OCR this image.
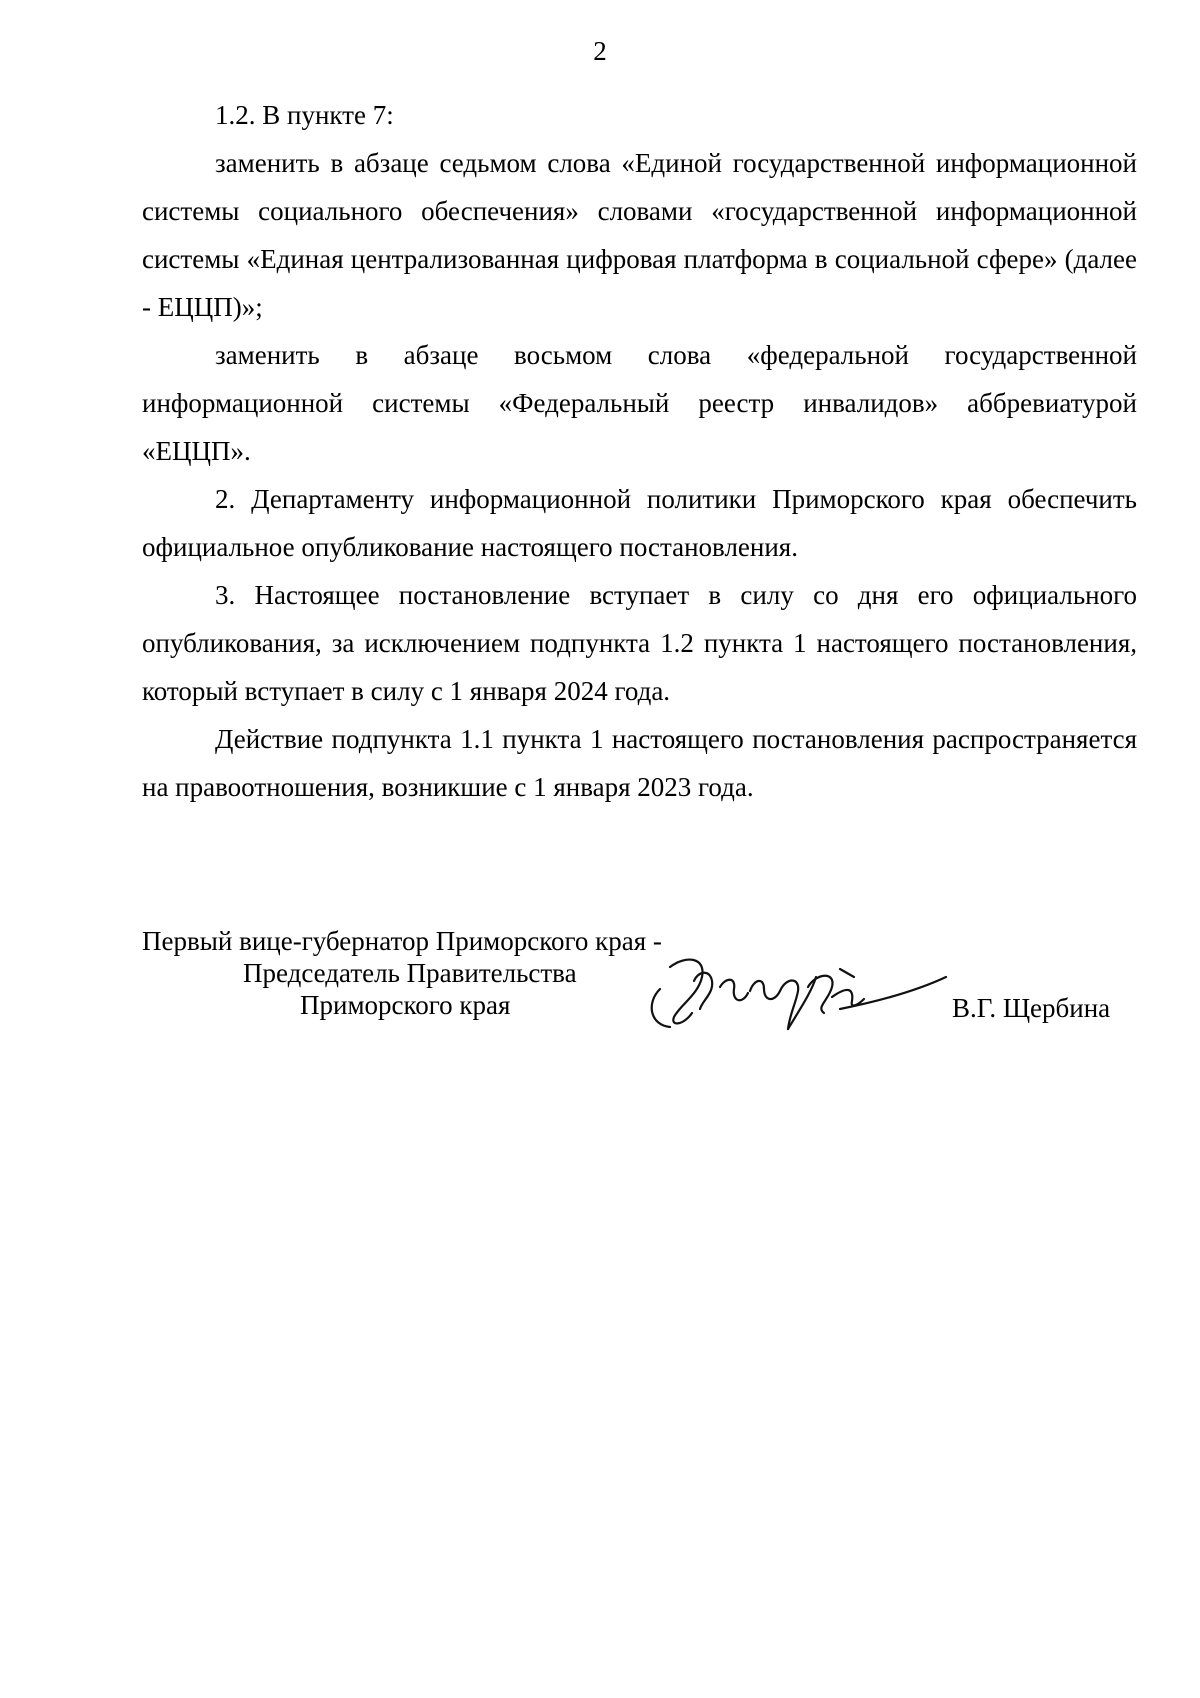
2

1.2. В пункте 7:

заменить в абзаце седьмом слова «Единой государственной информационной системы социального обеспечения» словами «государственной информационной системы «Единая централизованная цифровая платформа в социальной сфере» (далее - ЕЦЦП)»;

заменить в абзаце восьмом слова «федеральной государственной информационной системы «Федеральный реестр инвалидов» аббревиатурой «ЕЦЦП».

2. Департаменту информационной политики Приморского края обеспечить официальное опубликование настоящего постановления.

3. Настоящее постановление вступает в силу со дня его официального опубликования, за исключением подпункта 1.2 пункта 1 настоящего постановления, который вступает в силу с 1 января 2024 года.

Действие подпункта 1.1 пункта 1 настоящего постановления распространяется на правоотношения, возникшие с 1 января 2023 года.

Первый вице-губернатор Приморского края -
Председатель Правительства
Приморского края	В.Г. Щербина
